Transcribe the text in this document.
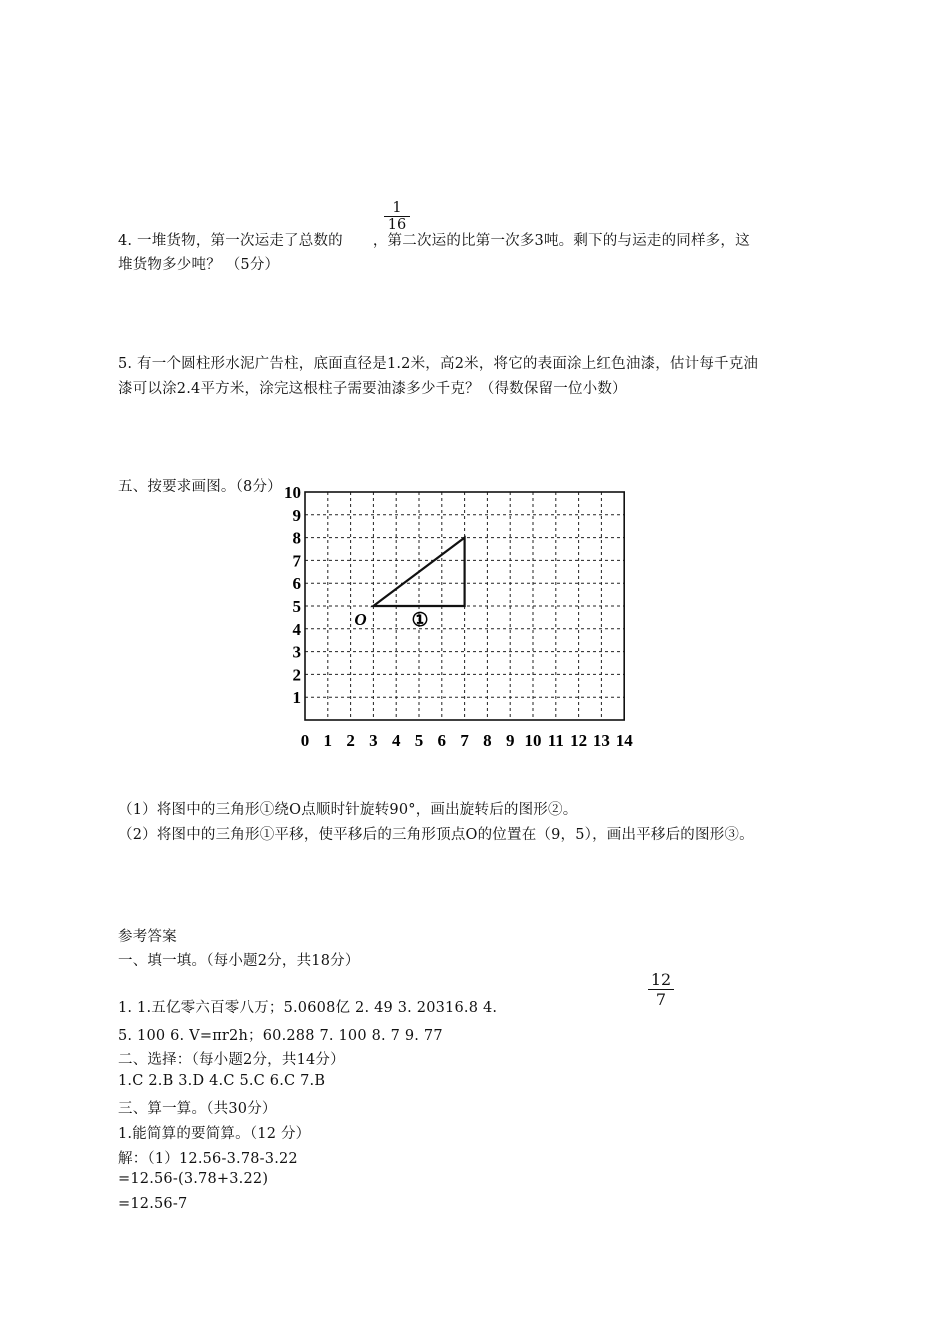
4. 一堆货物，第一次运走了总数的 ，第二次运的比第一次多3吨。剩下的与运走的同样多，这
1
16
堆货物多少吨？ （5分）
5. 有一个圆柱形水泥广告柱，底面直径是1.2米，高2米，将它的表面涂上红色油漆，估计每千克油
漆可以涂2.4平方米，涂完这根柱子需要油漆多少千克？（得数保留一位小数）
五、按要求画图。（8分）
0 1 2 3 4 5 6 7 8 9 10 11 12 13 14
1
2
3
4
5
6
7
8
9
10
O ①
（1）将图中的三角形①绕O点顺时针旋转90°，画出旋转后的图形②。
（2）将图中的三角形①平移，使平移后的三角形顶点O的位置在（9，5），画出平移后的图形③。
参考答案
一、填一填。（每小题2分，共18分）
1. 1.五亿零六百零八万；5.0608亿 2. 49 3. 20316.8 4.
12
7
5. 100 6. V=πr2h；60.288 7. 100 8. 7 9. 77
二、选择：（每小题2分，共14分）
1.C 2.B 3.D 4.C 5.C 6.C 7.B
三、算一算。（共30分）
1.能简算的要简算。（12 分）
解：（1）12.56-3.78-3.22
=12.56-(3.78+3.22)
=12.56-7
